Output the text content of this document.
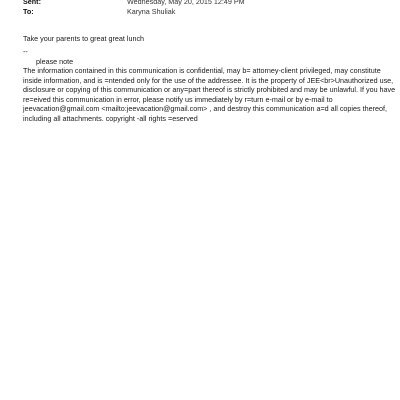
Sent:	Wednesday, May 20, 2015 12:49 PM
To:	Karyna Shuliak
Take your parents to great great lunch
--
please note
The information contained in this communication is confidential, may b= attorney-client privileged, may constitute
inside information, and is =ntended only for the use of the addressee. It is the property of JEE<br>Unauthorized use,
disclosure or copying of this communication or any=part thereof is strictly prohibited and may be unlawful. If you have
re=eived this communication in error, please notify us immediately by r=turn e-mail or by e-mail to
jeevacation@gmail.com <mailto:jeevacation@gmail.com> , and destroy this communication a=d all copies thereof,
including all attachments. copyright -all rights =eserved
